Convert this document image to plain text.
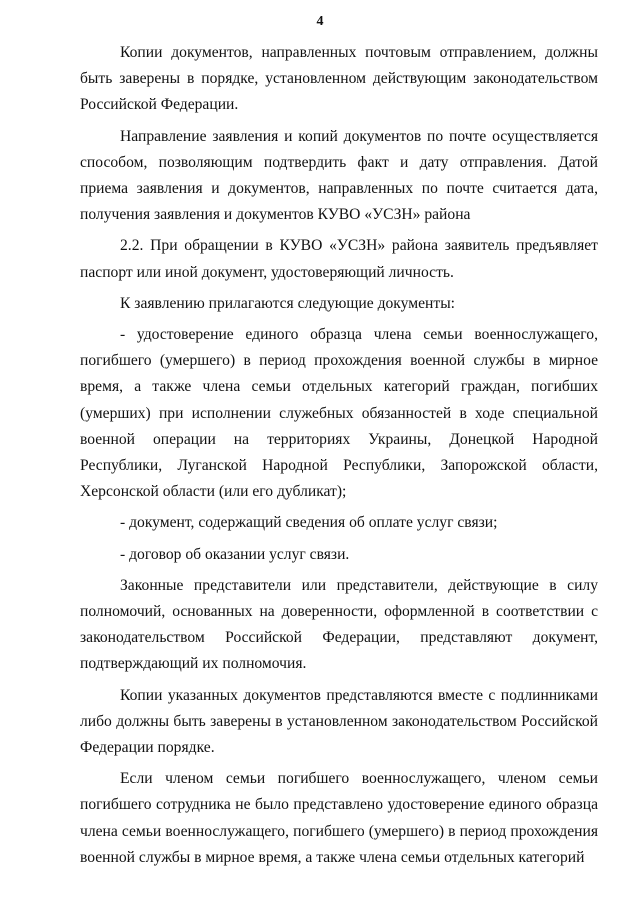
4

Копии документов, направленных почтовым отправлением, должны быть заверены в порядке, установленном действующим законодательством Российской Федерации.

Направление заявления и копий документов по почте осуществляется способом, позволяющим подтвердить факт и дату отправления. Датой приема заявления и документов, направленных по почте считается дата, получения заявления и документов КУВО «УСЗН» района

2.2. При обращении в КУВО «УСЗН» района заявитель предъявляет паспорт или иной документ, удостоверяющий личность.

К заявлению прилагаются следующие документы:

- удостоверение единого образца члена семьи военнослужащего, погибшего (умершего) в период прохождения военной службы в мирное время, а также члена семьи отдельных категорий граждан, погибших (умерших) при исполнении служебных обязанностей в ходе специальной военной операции на территориях Украины, Донецкой Народной Республики, Луганской Народной Республики, Запорожской области, Херсонской области (или его дубликат);

- документ, содержащий сведения об оплате услуг связи;

- договор об оказании услуг связи.

Законные представители или представители, действующие в силу полномочий, основанных на доверенности, оформленной в соответствии с законодательством Российской Федерации, представляют документ, подтверждающий их полномочия.

Копии указанных документов представляются вместе с подлинниками либо должны быть заверены в установленном законодательством Российской Федерации порядке.

Если членом семьи погибшего военнослужащего, членом семьи погибшего сотрудника не было представлено удостоверение единого образца члена семьи военнослужащего, погибшего (умершего) в период прохождения военной службы в мирное время, а также члена семьи отдельных категорий
